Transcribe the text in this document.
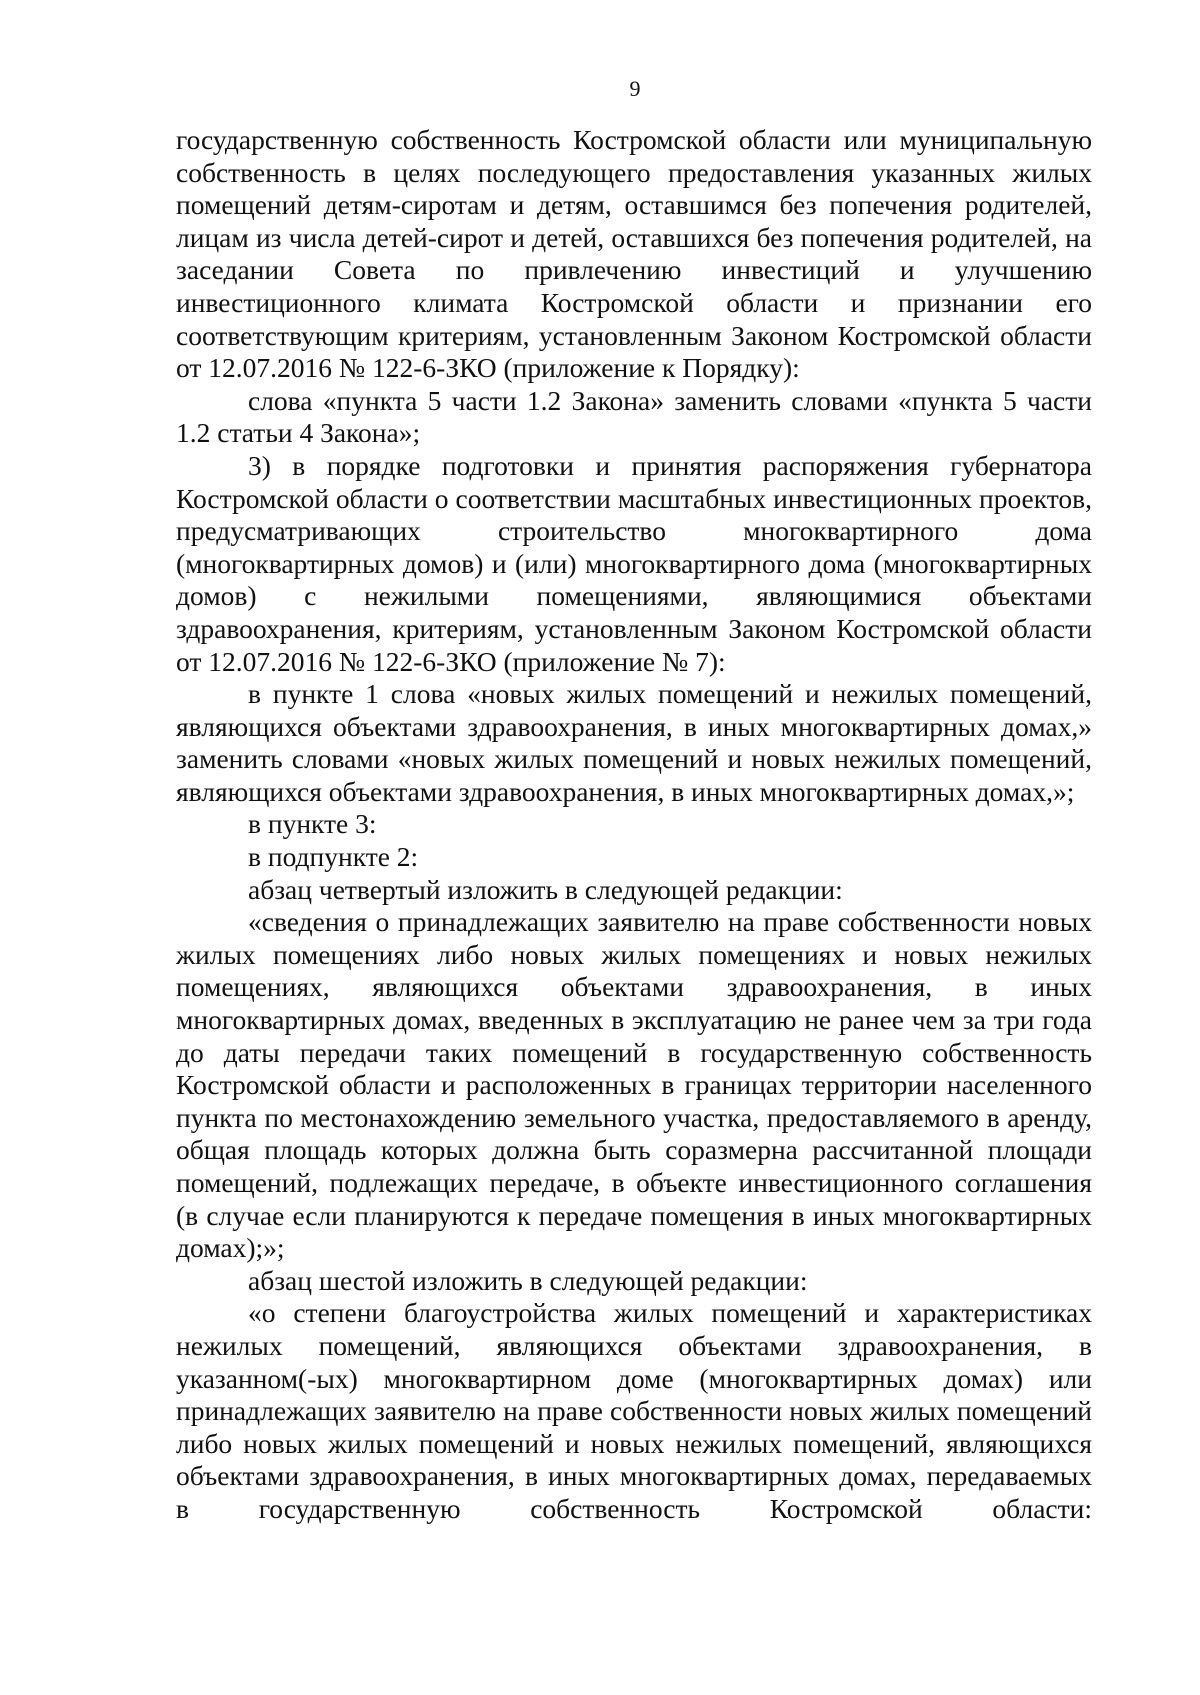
9

государственную собственность Костромской области или муниципальную собственность в целях последующего предоставления указанных жилых помещений детям-сиротам и детям, оставшимся без попечения родителей, лицам из числа детей-сирот и детей, оставшихся без попечения родителей, на заседании Совета по привлечению инвестиций и улучшению инвестиционного климата Костромской области и признании его соответствующим критериям, установленным Законом Костромской области от 12.07.2016 № 122-6-ЗКО (приложение к Порядку):

слова «пункта 5 части 1.2 Закона» заменить словами «пункта 5 части 1.2 статьи 4 Закона»;

3) в порядке подготовки и принятия распоряжения губернатора Костромской области о соответствии масштабных инвестиционных проектов, предусматривающих строительство многоквартирного дома (многоквартирных домов) и (или) многоквартирного дома (многоквартирных домов) с нежилыми помещениями, являющимися объектами здравоохранения, критериям, установленным Законом Костромской области от 12.07.2016 № 122-6-ЗКО (приложение № 7):

в пункте 1 слова «новых жилых помещений и нежилых помещений, являющихся объектами здравоохранения, в иных многоквартирных домах,» заменить словами «новых жилых помещений и новых нежилых помещений, являющихся объектами здравоохранения, в иных многоквартирных домах,»;

в пункте 3:

в подпункте 2:

абзац четвертый изложить в следующей редакции:

«сведения о принадлежащих заявителю на праве собственности новых жилых помещениях либо новых жилых помещениях и новых нежилых помещениях, являющихся объектами здравоохранения, в иных многоквартирных домах, введенных в эксплуатацию не ранее чем за три года до даты передачи таких помещений в государственную собственность Костромской области и расположенных в границах территории населенного пункта по местонахождению земельного участка, предоставляемого в аренду, общая площадь которых должна быть соразмерна рассчитанной площади помещений, подлежащих передаче, в объекте инвестиционного соглашения (в случае если планируются к передаче помещения в иных многоквартирных домах);»;

абзац шестой изложить в следующей редакции:

«о степени благоустройства жилых помещений и характеристиках нежилых помещений, являющихся объектами здравоохранения, в указанном(-ых) многоквартирном доме (многоквартирных домах) или принадлежащих заявителю на праве собственности новых жилых помещений либо новых жилых помещений и новых нежилых помещений, являющихся объектами здравоохранения, в иных многоквартирных домах, передаваемых в государственную собственность Костромской области:
